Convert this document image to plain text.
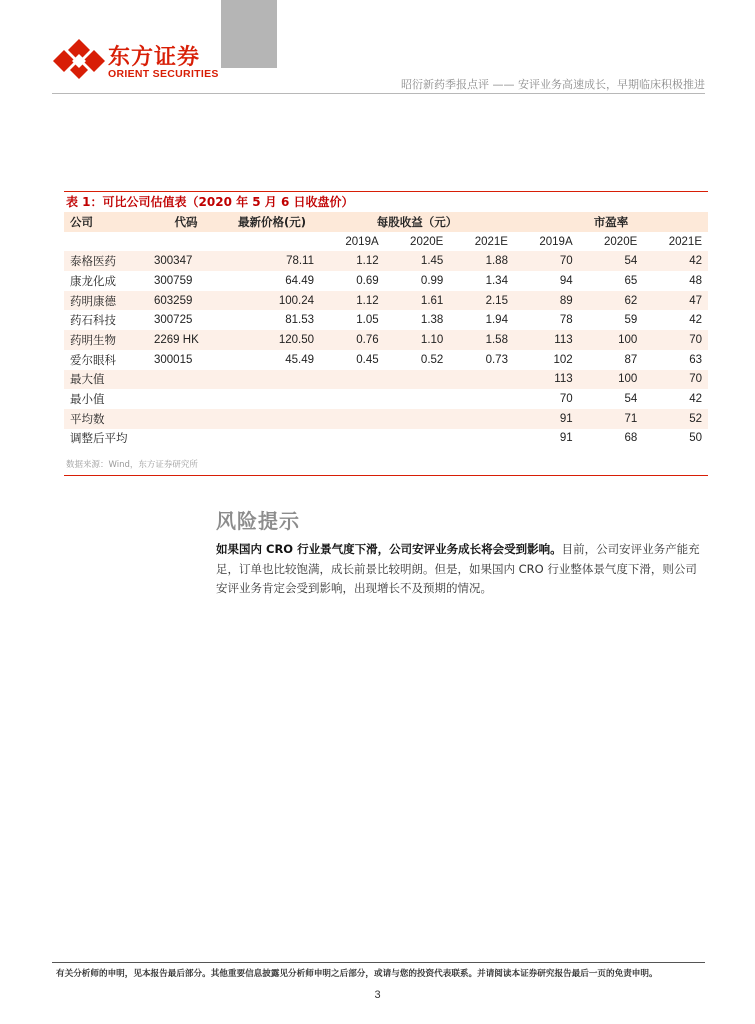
东方证券
ORIENT SECURITIES
昭衍新药季报点评 —— 安评业务高速成长，早期临床积极推进
表 1：可比公司估值表（2020 年 5 月 6 日收盘价）
公司	代码	最新价格(元)	每股收益（元）			市盈率		
			2019A	2020E	2021E	2019A	2020E	2021E
泰格医药	300347	78.11	1.12	1.45	1.88	70	54	42
康龙化成	300759	64.49	0.69	0.99	1.34	94	65	48
药明康德	603259	100.24	1.12	1.61	2.15	89	62	47
药石科技	300725	81.53	1.05	1.38	1.94	78	59	42
药明生物	2269 HK	120.50	0.76	1.10	1.58	113	100	70
爱尔眼科	300015	45.49	0.45	0.52	0.73	102	87	63
最大值						113	100	70
最小值						70	54	42
平均数						91	71	52
调整后平均						91	68	50
数据来源：Wind，东方证券研究所
风险提示
如果国内 CRO 行业景气度下滑，公司安评业务成长将会受到影响。目前，公司安评业务产能充足，订单也比较饱满，成长前景比较明朗。但是，如果国内 CRO 行业整体景气度下滑，则公司安评业务肯定会受到影响，出现增长不及预期的情况。
有关分析师的申明，见本报告最后部分。其他重要信息披露见分析师申明之后部分，或请与您的投资代表联系。并请阅读本证券研究报告最后一页的免责申明。
3
